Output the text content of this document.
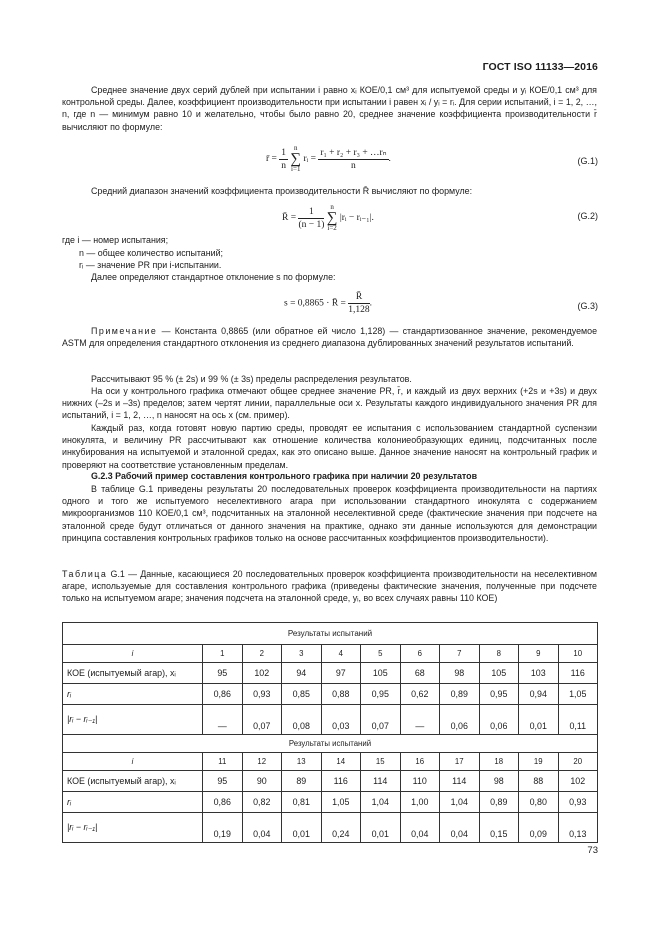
ГОСТ ISO 11133—2016
Среднее значение двух серий дублей при испытании i равно xᵢ КОЕ/0,1 см³ для испытуемой среды и yᵢ КОЕ/0,1 см³ для контрольной среды. Далее, коэффициент производительности при испытании i равен xᵢ / yᵢ = rᵢ. Для серии испытаний, i = 1, 2, …, n, где n — минимум равно 10 и желательно, чтобы было равно 20, среднее значение коэффициента производительности r̄ вычисляют по формуле:
r̄ = $\frac{1}{n}$ n
∑
i=1 rᵢ = $\frac{\text{r₁ + r₂ + r₃ + …rₙ}}{n}$ .	(G.1)
Средний диапазон значений коэффициента производительности R̄ вычисляют по формуле:
R̄ = $\frac{1}{(n - 1)}$ n
∑
i=2 |rᵢ − rᵢ₋₁|.	(G.2)
где i — номер испытания;
n — общее количество испытаний;
rᵢ — значение PR при i-испытании.
Далее определяют стандартное отклонение s по формуле:
s = 0,8865 · R̄ = $\frac{R̄}{1,128}$ .	(G.3)
Примечание — Константа 0,8865 (или обратное ей число 1,128) — стандартизованное значение, рекомендуемое ASTM для определения стандартного отклонения из среднего диапазона дублированных значений результатов испытаний.
Рассчитывают 95 % (± 2s) и 99 % (± 3s) пределы распределения результатов.
На оси у контрольного графика отмечают общее среднее значение PR, r̄, и каждый из двух верхних (+2s и +3s) и двух нижних (–2s и –3s) пределов; затем чертят линии, параллельные оси x. Результаты каждого индивидуального значения PR для испытаний, i = 1, 2, …, n наносят на ось x (см. пример).
Каждый раз, когда готовят новую партию среды, проводят ее испытания с использованием стандартной суспензии инокулята, и величину PR рассчитывают как отношение количества колониеобразующих единиц, подсчитанных после инкубирования на испытуемой и эталонной средах, как это описано выше. Данное значение наносят на контрольный график и проверяют на соответствие установленным пределам.
G.2.3 Рабочий пример составления контрольного графика при наличии 20 результатов
В таблице G.1 приведены результаты 20 последовательных проверок коэффициента производительности на партиях одного и того же испытуемого неселективного агара при использовании стандартного инокулята с содержанием микроорганизмов 110 КОЕ/0,1 см³, подсчитанных на эталонной неселективной среде (фактические значения при подсчете на эталонной среде будут отличаться от данного значения на практике, однако эти данные используются для демонстрации принципа составления контрольных графиков только на основе рассчитанных коэффициентов производительности).
Таблица G.1 — Данные, касающиеся 20 последовательных проверок коэффициента производительности на неселективном агаре, используемые для составления контрольного графика (приведены фактические значения, полученные при подсчете только на испытуемом агаре; значения подсчета на эталонной среде, yᵢ, во всех случаях равны 110 КОЕ)
Результаты испытаний										
i	1	2	3	4	5	6	7	8	9	10
КОЕ (испытуемый агар), xᵢ	95	102	94	97	105	68	98	105	103	116
rᵢ	0,86	0,93	0,85	0,88	0,95	0,62	0,89	0,95	0,94	1,05
|rᵢ − rᵢ₋₁|	—	0,07	0,08	0,03	0,07	—	0,06	0,06	0,01	0,11
Результаты испытаний										
i	11	12	13	14	15	16	17	18	19	20
КОЕ (испытуемый агар), xᵢ	95	90	89	116	114	110	114	98	88	102
rᵢ	0,86	0,82	0,81	1,05	1,04	1,00	1,04	0,89	0,80	0,93
|rᵢ − rᵢ₋₁|	0,19	0,04	0,01	0,24	0,01	0,04	0,04	0,15	0,09	0,13
73
